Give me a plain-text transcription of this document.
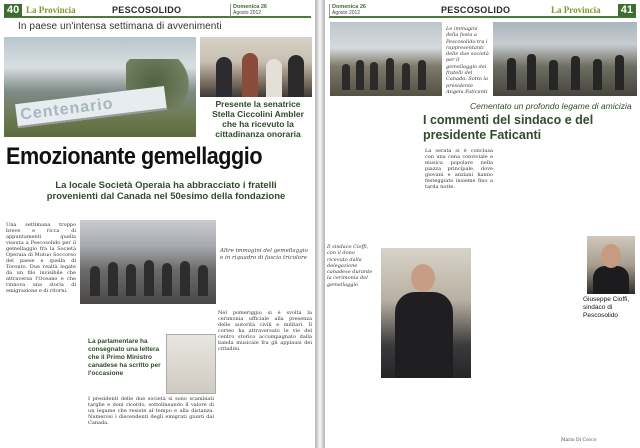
40 La Provincia	PESCOSOLIDO	Domenica 26
Agosto 2012
In paese un'intensa settimana di avvenimenti
Centenario	Presente la senatrice Stella Ciccolini Ambler che ha ricevuto la cittadinanza onoraria
Emozionante gemellaggio
La locale Società Operaia ha abbracciato i fratelli provenienti dal Canada nel 50esimo della fondazione
Una settimana troppo breve e ricca di appuntamenti quella vissuta a Pescosolido per il gemellaggio fra la Società Operaia di Mutuo Soccorso del paese e quella di Toronto. Due realtà legate da un filo invisibile che attraversa l'Oceano e che rinnova una storia di emigrazione e di ritorni.
Altre immagini del gemellaggio e in riquadro di fascia tricolore
Nel pomeriggio si è svolta la cerimonia ufficiale alla presenza delle autorità civili e militari. Il corteo ha attraversato le vie del centro storico accompagnato dalla banda musicale fra gli applausi dei cittadini.
La parlamentare ha consegnato una lettera che il Primo Ministro canadese ha scritto per l'occasione
I presidenti delle due società si sono scambiati targhe e doni ricordo, sottolineando il valore di un legame che resiste al tempo e alla distanza. Numerosi i discendenti degli emigrati giunti dal Canada.
Domenica 26
Agosto 2012	PESCOSOLIDO	La Provincia 41
Le immagini della festa a Pescosolido tra i rappresentanti delle due società per il gemellaggio dei fratelli del Canada. Sotto la presidente Angela Faticanti
Cementato un profondo legame di amicizia
I commenti del sindaco e del presidente Faticanti
La serata si è conclusa con una cena conviviale e musica popolare nella piazza principale, dove giovani e anziani hanno festeggiato insieme fino a tarda notte.
Il sindaco Cioffi, con il dono ricevuto dalla delegazione canadese durante la cerimonia del gemellaggio
Giuseppe Cioffi, sindaco di Pescosolido
Mario Di Cocco
